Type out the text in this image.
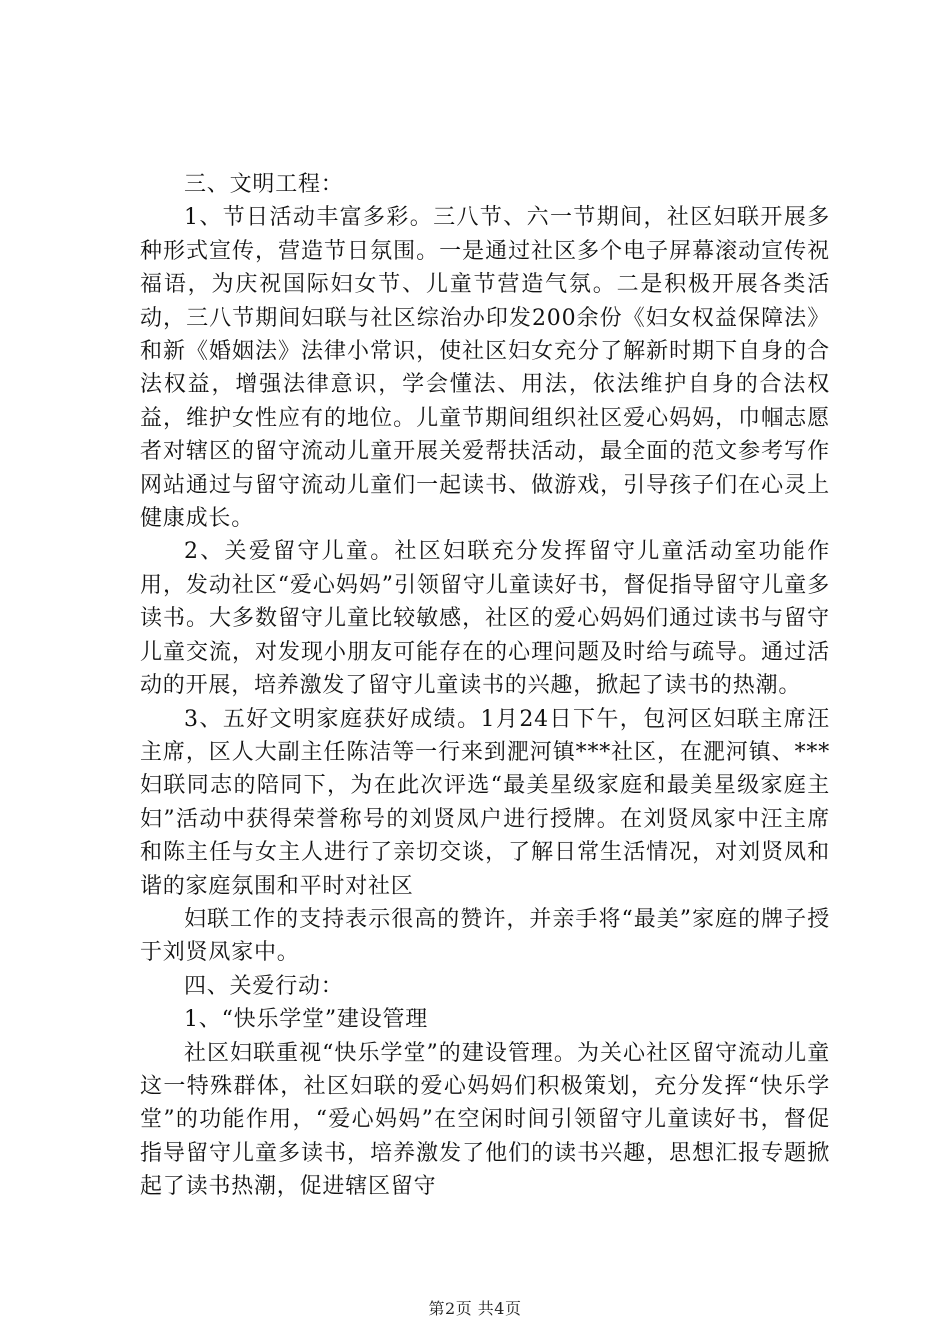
三、文明工程：

1、节日活动丰富多彩。三八节、六一节期间，社区妇联开展多种形式宣传，营造节日氛围。一是通过社区多个电子屏幕滚动宣传祝福语，为庆祝国际妇女节、儿童节营造气氛。二是积极开展各类活动，三八节期间妇联与社区综治办印发200余份《妇女权益保障法》和新《婚姻法》法律小常识，使社区妇女充分了解新时期下自身的合法权益，增强法律意识，学会懂法、用法，依法维护自身的合法权益，维护女性应有的地位。儿童节期间组织社区爱心妈妈，巾帼志愿者对辖区的留守流动儿童开展关爱帮扶活动，最全面的范文参考写作网站通过与留守流动儿童们一起读书、做游戏，引导孩子们在心灵上健康成长。

2、关爱留守儿童。社区妇联充分发挥留守儿童活动室功能作用，发动社区“爱心妈妈”引领留守儿童读好书，督促指导留守儿童多读书。大多数留守儿童比较敏感，社区的爱心妈妈们通过读书与留守儿童交流，对发现小朋友可能存在的心理问题及时给与疏导。通过活动的开展，培养激发了留守儿童读书的兴趣，掀起了读书的热潮。

3、五好文明家庭获好成绩。1月24日下午，包河区妇联主席汪主席，区人大副主任陈洁等一行来到淝河镇***社区，在淝河镇、***妇联同志的陪同下，为在此次评选“最美星级家庭和最美星级家庭主妇”活动中获得荣誉称号的刘贤凤户进行授牌。在刘贤凤家中汪主席和陈主任与女主人进行了亲切交谈，了解日常生活情况，对刘贤凤和谐的家庭氛围和平时对社区

妇联工作的支持表示很高的赞许，并亲手将“最美”家庭的牌子授于刘贤凤家中。

四、关爱行动：

1、“快乐学堂”建设管理

社区妇联重视“快乐学堂”的建设管理。为关心社区留守流动儿童这一特殊群体，社区妇联的爱心妈妈们积极策划，充分发挥“快乐学堂”的功能作用，“爱心妈妈”在空闲时间引领留守儿童读好书，督促指导留守儿童多读书，培养激发了他们的读书兴趣，思想汇报专题掀起了读书热潮，促进辖区留守

第2页 共4页
